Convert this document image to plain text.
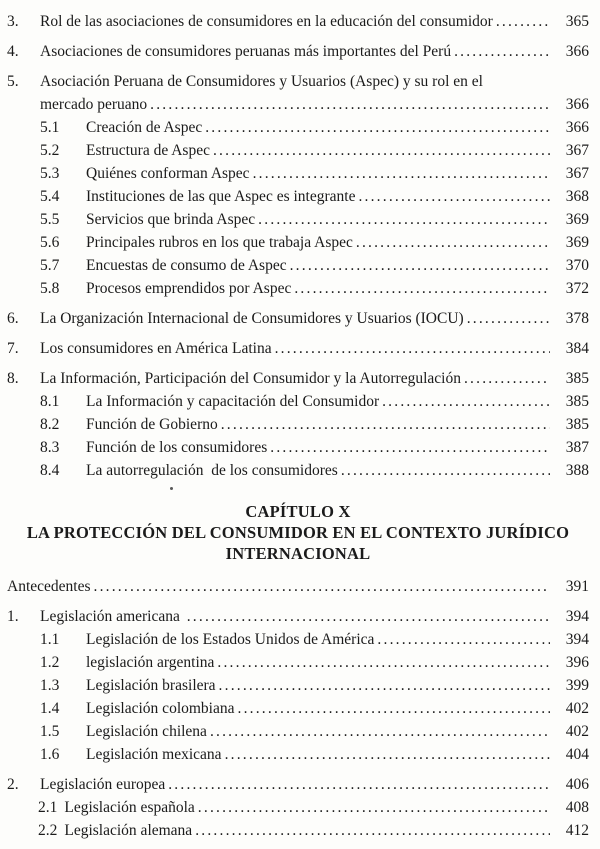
3.	Rol de las asociaciones de consumidores en la educación del consumidor .....	365
4.	Asociaciones de consumidores peruanas más importantes del Perú .....	366
5.	Asociación Peruana de Consumidores y Usuarios (Aspec) y su rol en el
mercado peruano .....	366
5.1	Creación de Aspec .....	366
5.2	Estructura de Aspec .....	367
5.3	Quiénes conforman Aspec .....	367
5.4	Instituciones de las que Aspec es integrante .....	368
5.5	Servicios que brinda Aspec .....	369
5.6	Principales rubros en los que trabaja Aspec .....	369
5.7	Encuestas de consumo de Aspec .....	370
5.8	Procesos emprendidos por Aspec .....	372
6.	La Organización Internacional de Consumidores y Usuarios (IOCU) .....	378
7.	Los consumidores en América Latina .....	384
8.	La Información, Participación del Consumidor y la Autorregulación .....	385
8.1	La Información y capacitación del Consumidor .....	385
8.2	Función de Gobierno .....	385
8.3	Función de los consumidores .....	387
8.4	La autorregulación  de los consumidores .....	388
CAPÍTULO X
LA PROTECCIÓN DEL CONSUMIDOR EN EL CONTEXTO JURÍDICO
INTERNACIONAL
Antecedentes .....	391
1.	Legislación americana .....	394
1.1	Legislación de los Estados Unidos de América .....	394
1.2	legislación argentina .....	396
1.3	Legislación brasilera .....	399
1.4	Legislación colombiana .....	402
1.5	Legislación chilena .....	402
1.6	Legislación mexicana .....	404
2.	Legislación europea .....	406
2.1 Legislación española .....	408
2.2 Legislación alemana .....	412
